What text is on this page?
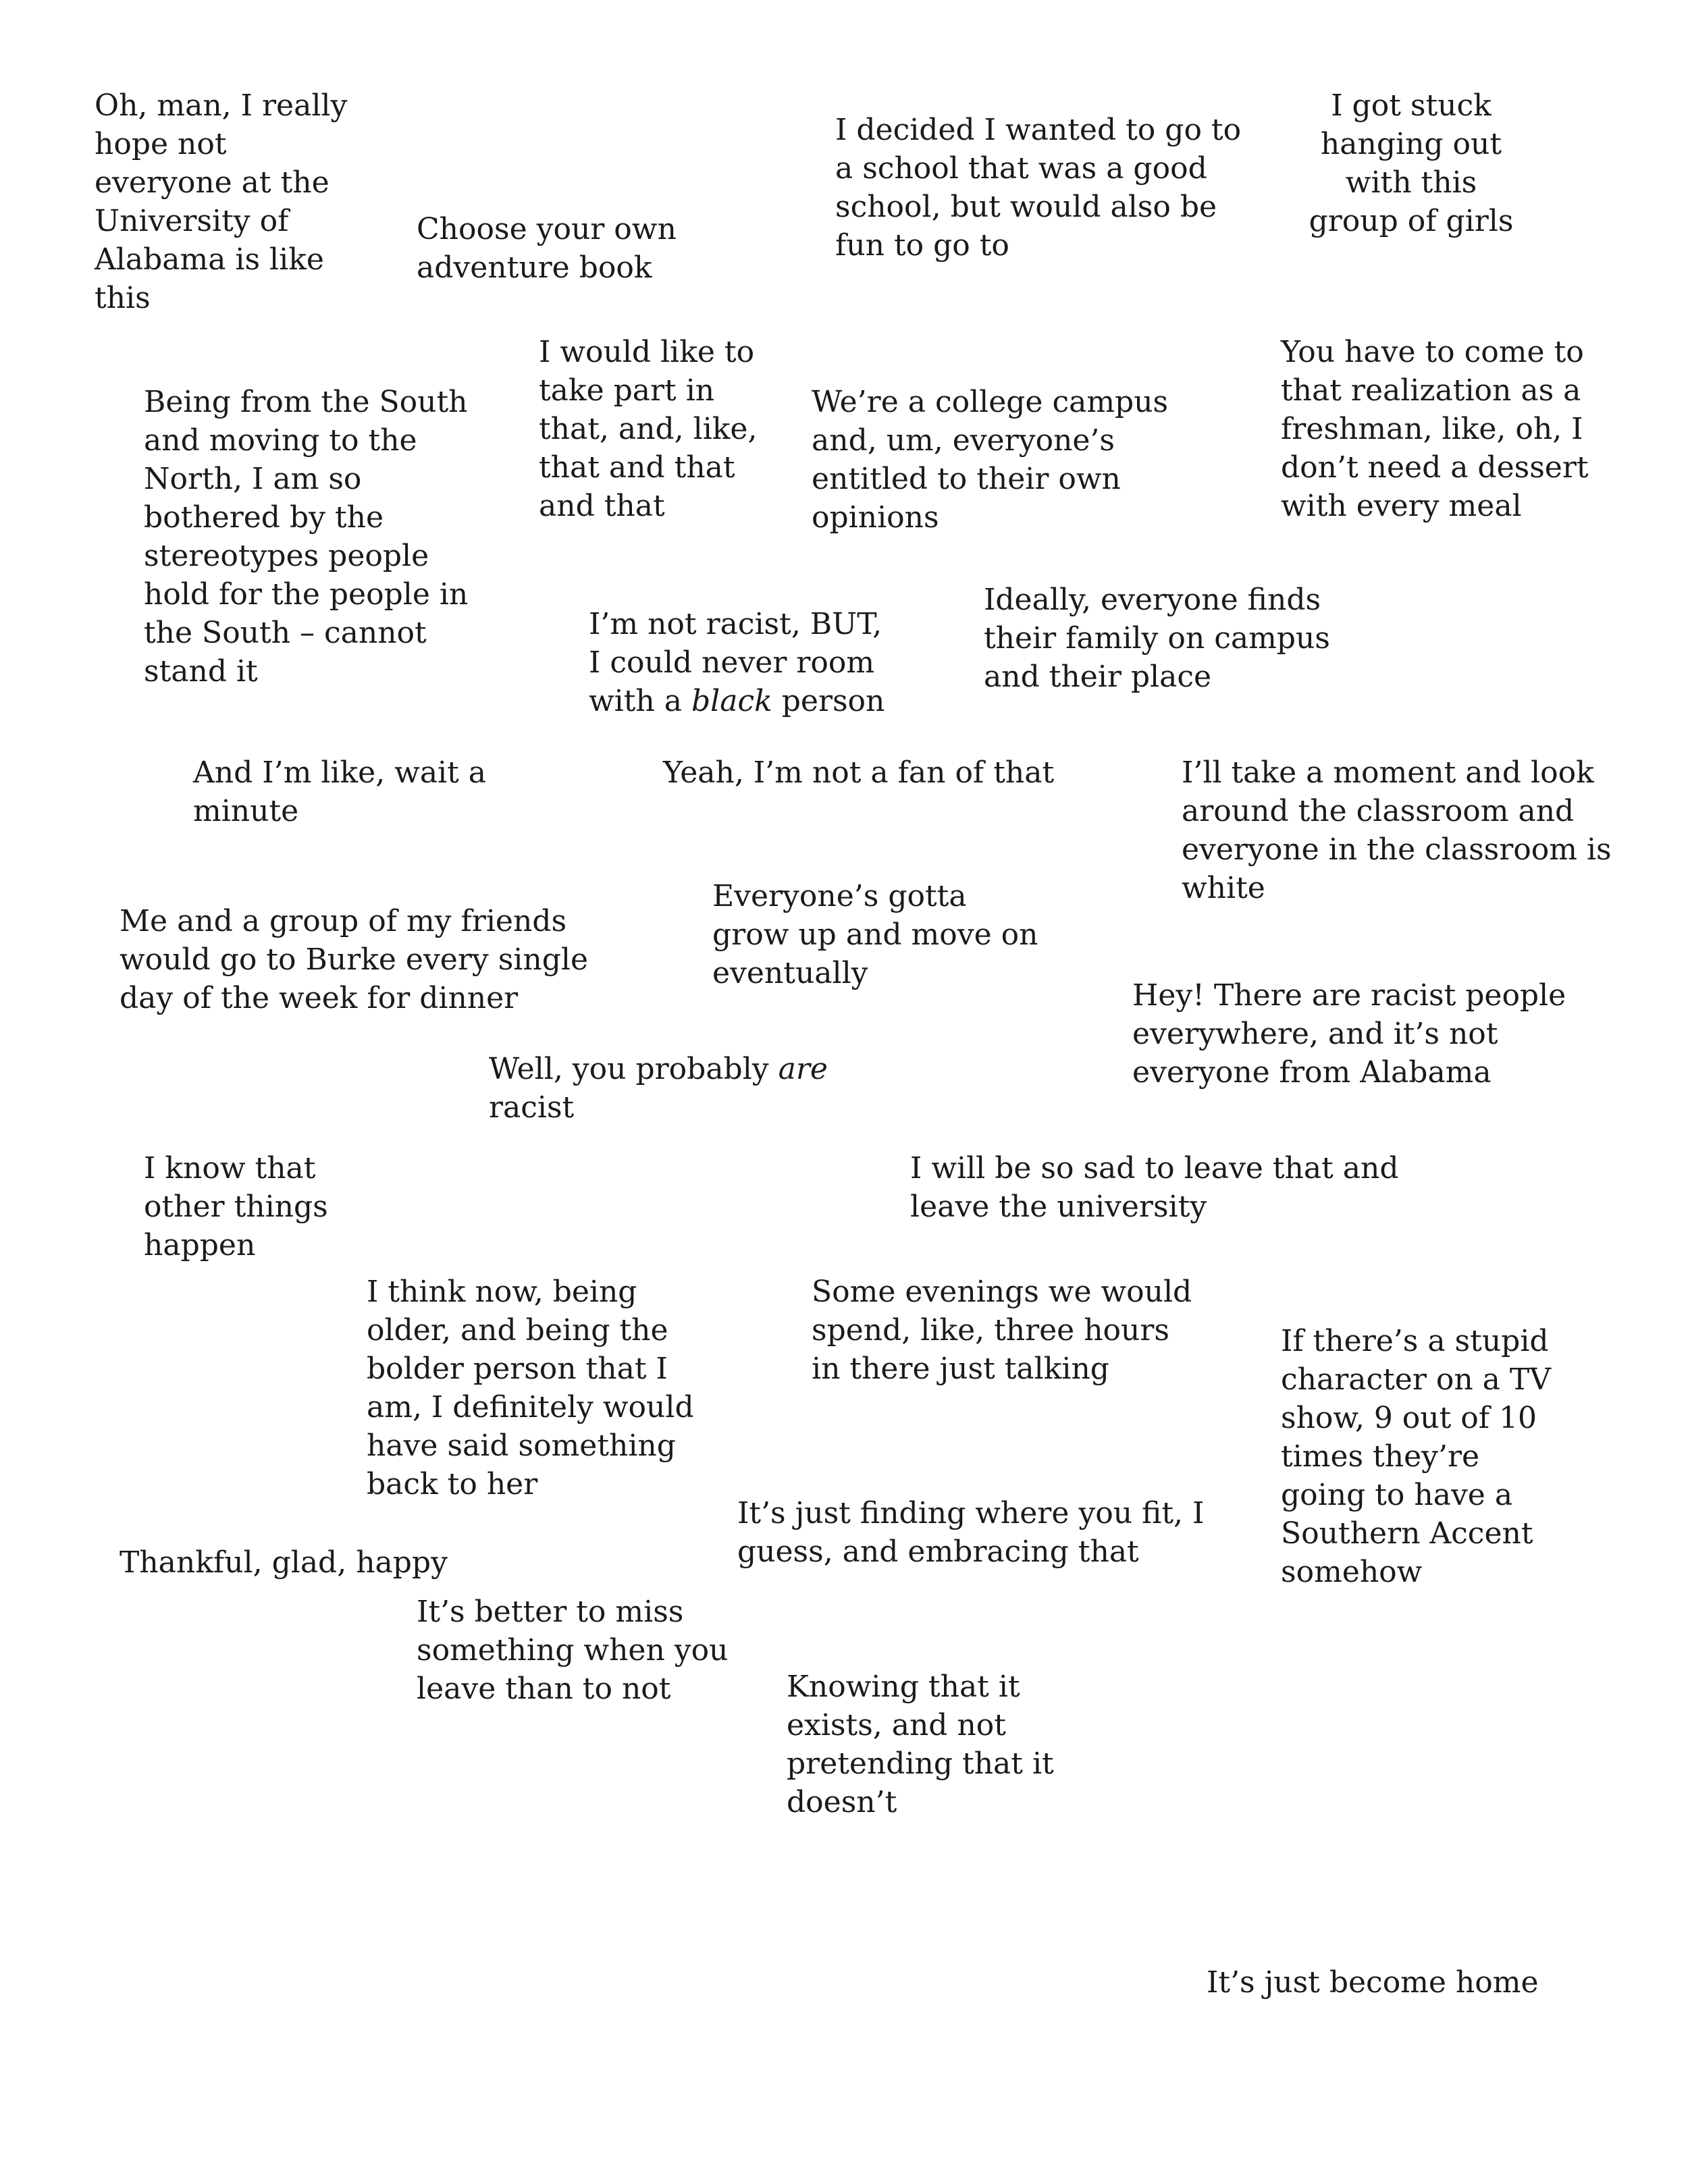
Oh, man, I really
hope not
everyone at the
University of
Alabama is like
this
Choose your own
adventure book
I decided I wanted to go to
a school that was a good
school, but would also be
fun to go to
I got stuck
hanging out
with this
group of girls
I would like to
take part in
that, and, like,
that and that
and that
Being from the South
and moving to the
North, I am so
bothered by the
stereotypes people
hold for the people in
the South – cannot
stand it
We’re a college campus
and, um, everyone’s
entitled to their own
opinions
You have to come to
that realization as a
freshman, like, oh, I
don’t need a dessert
with every meal
I’m not racist, BUT,
I could never room
with a black person
Ideally, everyone finds
their family on campus
and their place
And I’m like, wait a
minute
Yeah, I’m not a fan of that	I’ll take a moment and look
around the classroom and
everyone in the classroom is
white
Everyone’s gotta
grow up and move on
eventually
Me and a group of my friends
would go to Burke every single
day of the week for dinner	Hey! There are racist people
everywhere, and it’s not
everyone from Alabama
Well, you probably are
racist
I know that
other things
happen
I will be so sad to leave that and
leave the university
I think now, being
older, and being the
bolder person that I
am, I definitely would
have said something
back to her
Some evenings we would
spend, like, three hours
in there just talking
If there’s a stupid
character on a TV
show, 9 out of 10
times they’re
going to have a
Southern Accent
somehow
It’s just finding where you fit, I
guess, and embracing that
Thankful, glad, happy
It’s better to miss
something when you
leave than to not	Knowing that it
exists, and not
pretending that it
doesn’t
It’s just become home
